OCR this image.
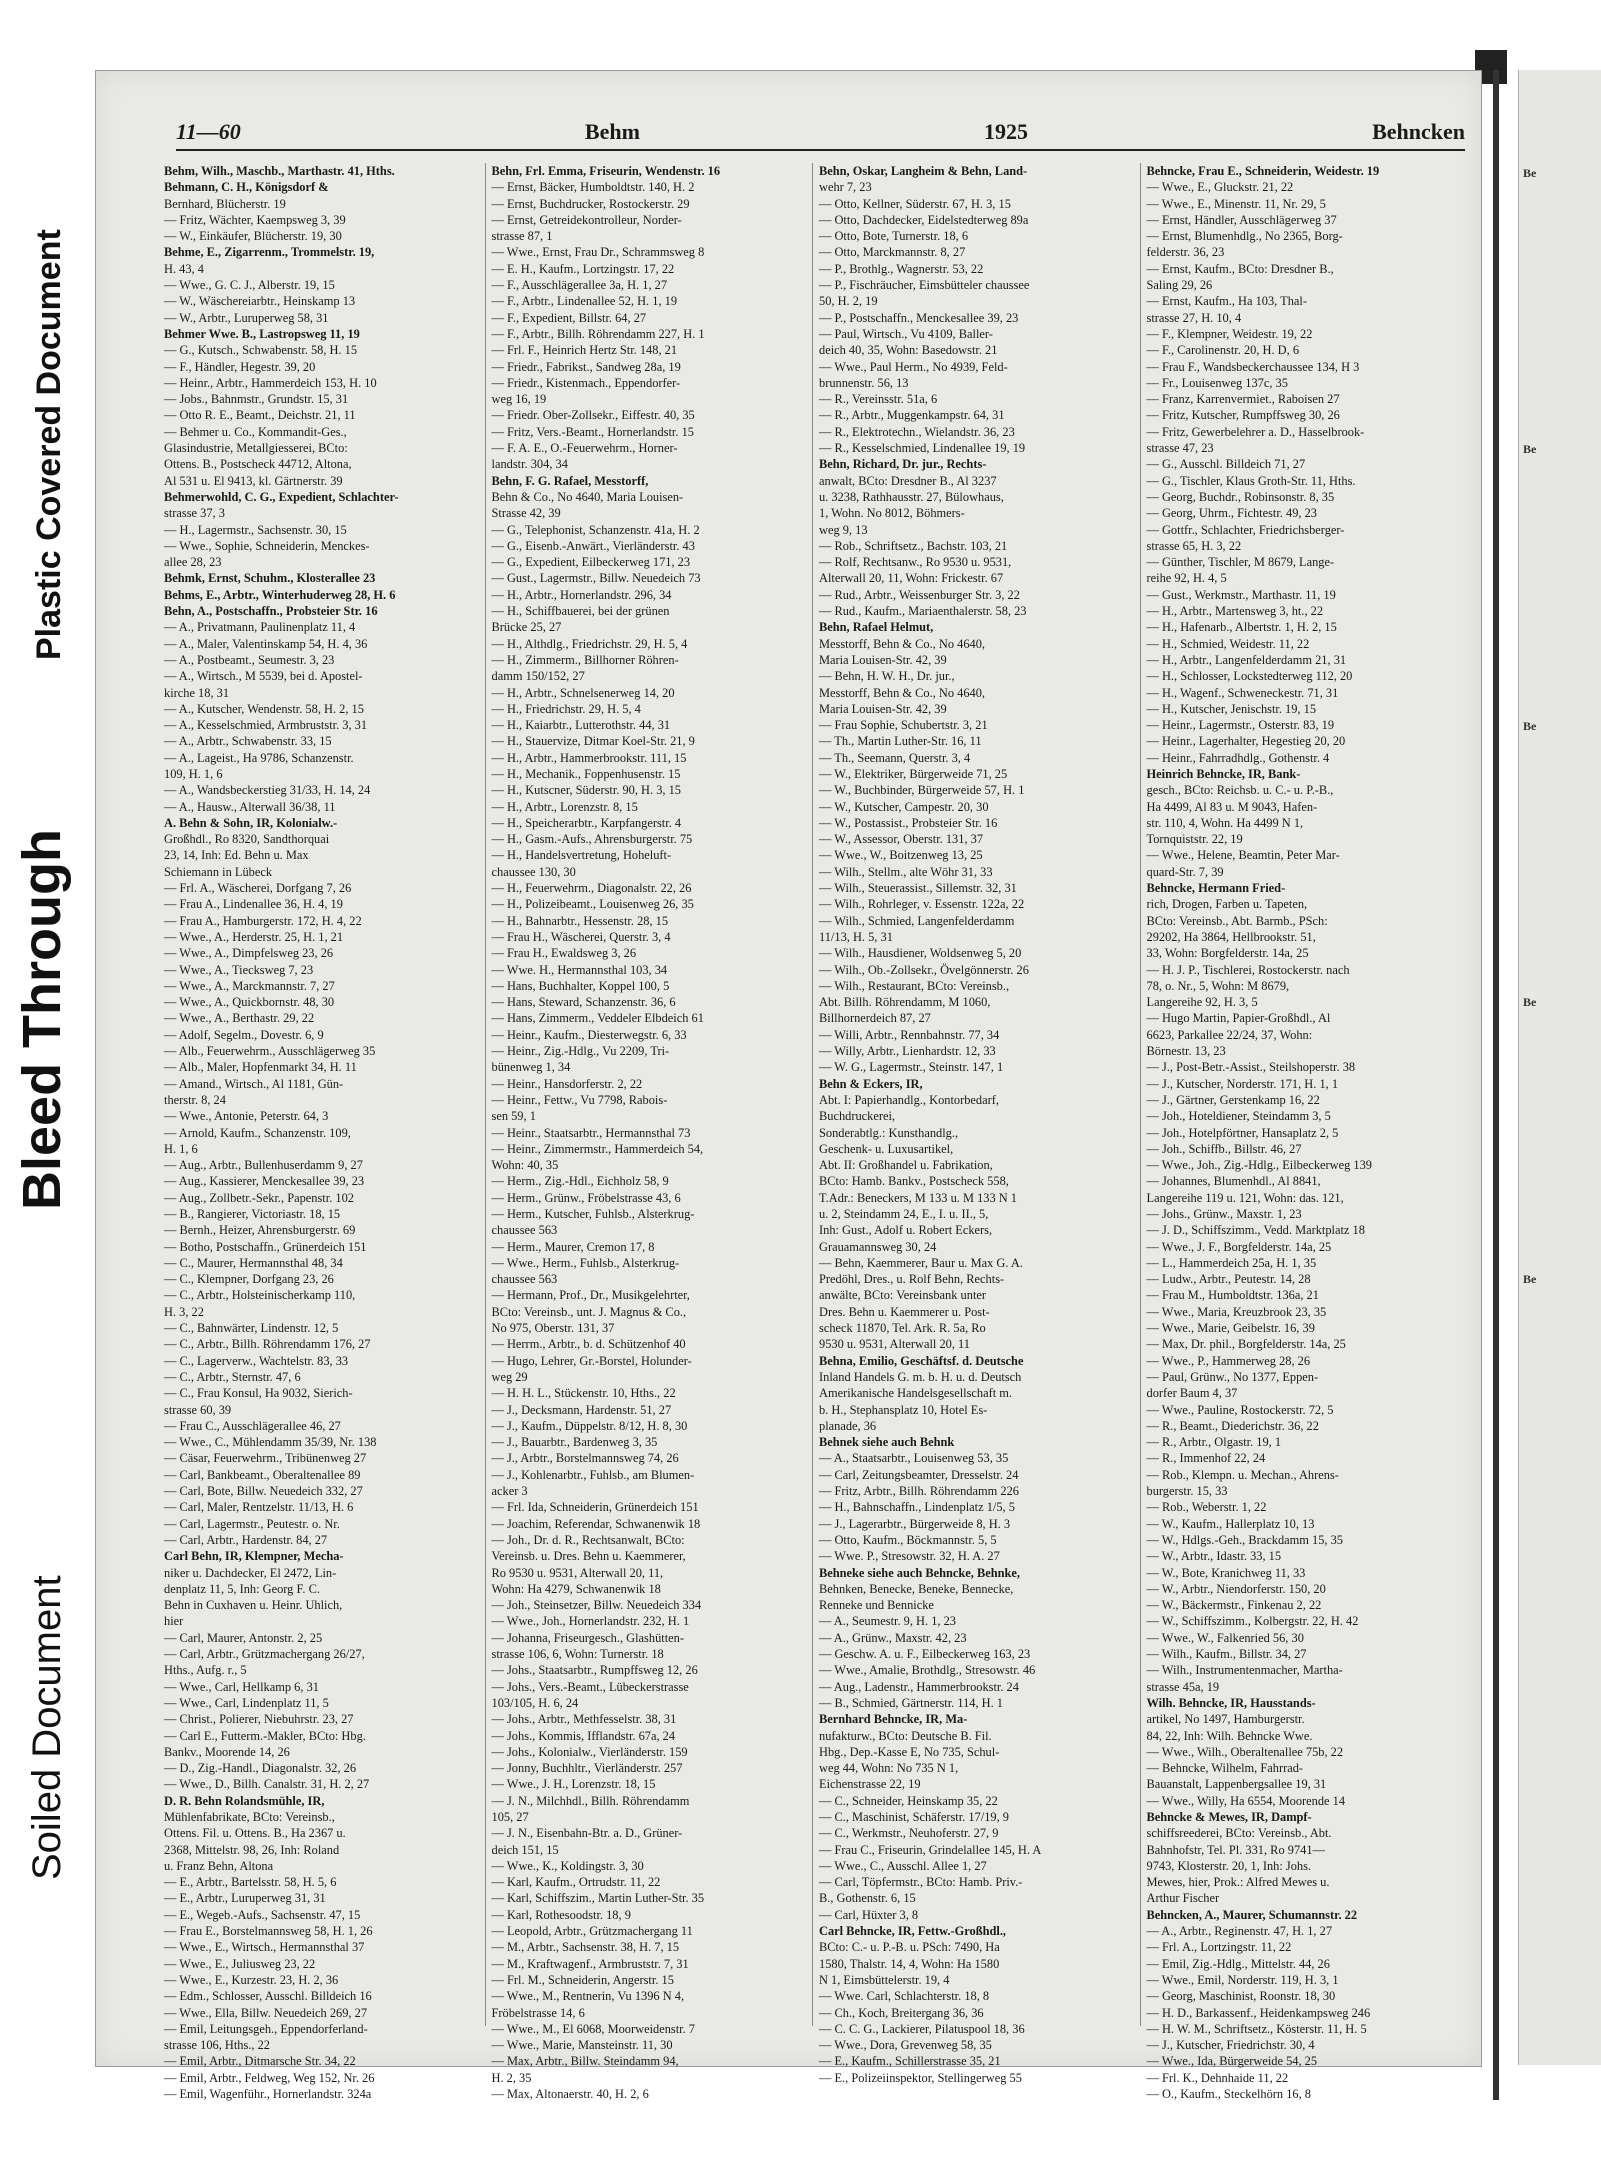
Soiled Document
Bleed Through
Plastic Covered Document
11—60	Behm	1925	Behncken
Behm, Wilh., Maschb., Marthastr. 41, Hths.
Behmann, C. H., Königsdorf &
Bernhard, Blücherstr. 19
— Fritz, Wächter, Kaempsweg 3, 39
— W., Einkäufer, Blücherstr. 19, 30
Behme, E., Zigarrenm., Trommelstr. 19,
H. 43, 4
— Wwe., G. C. J., Alberstr. 19, 15
— W., Wäschereiarbtr., Heinskamp 13
— W., Arbtr., Luruperweg 58, 31
Behmer Wwe. B., Lastropsweg 11, 19
— G., Kutsch., Schwabenstr. 58, H. 15
— F., Händler, Hegestr. 39, 20
— Heinr., Arbtr., Hammerdeich 153, H. 10
— Jobs., Bahnmstr., Grundstr. 15, 31
— Otto R. E., Beamt., Deichstr. 21, 11
— Behmer u. Co., Kommandit-Ges.,
Glasindustrie, Metallgiesserei, BCto:
Ottens. B., Postscheck 44712, Altona,
Al 531 u. El 9413, kl. Gärtnerstr. 39
Behmerwohld, C. G., Expedient, Schlachter-
strasse 37, 3
— H., Lagermstr., Sachsenstr. 30, 15
— Wwe., Sophie, Schneiderin, Menckes-
allee 28, 23
Behmk, Ernst, Schuhm., Klosterallee 23
Behms, E., Arbtr., Winterhuderweg 28, H. 6
Behn, A., Postschaffn., Probsteier Str. 16
— A., Privatmann, Paulinenplatz 11, 4
— A., Maler, Valentinskamp 54, H. 4, 36
— A., Postbeamt., Seumestr. 3, 23
— A., Wirtsch., M 5539, bei d. Apostel-
kirche 18, 31
— A., Kutscher, Wendenstr. 58, H. 2, 15
— A., Kesselschmied, Armbruststr. 3, 31
— A., Arbtr., Schwabenstr. 33, 15
— A., Lageist., Ha 9786, Schanzenstr.
109, H. 1, 6
— A., Wandsbeckerstieg 31/33, H. 14, 24
— A., Hausw., Alterwall 36/38, 11
A. Behn & Sohn, IR, Kolonialw.-
Großhdl., Ro 8320, Sandthorquai
23, 14, Inh: Ed. Behn u. Max
Schiemann in Lübeck
— Frl. A., Wäscherei, Dorfgang 7, 26
— Frau A., Lindenallee 36, H. 4, 19
— Frau A., Hamburgerstr. 172, H. 4, 22
— Wwe., A., Herderstr. 25, H. 1, 21
— Wwe., A., Dimpfelsweg 23, 26
— Wwe., A., Tieckswеg 7, 23
— Wwe., A., Marckmannstr. 7, 27
— Wwe., A., Quickbornstr. 48, 30
— Wwe., A., Berthastr. 29, 22
— Adolf, Segelm., Dovestr. 6, 9
— Alb., Feuerwehrm., Ausschlägerweg 35
— Alb., Maler, Hopfenmarkt 34, H. 11
— Amand., Wirtsch., Al 1181, Gün-
therstr. 8, 24
— Wwe., Antonie, Peterstr. 64, 3
— Arnold, Kaufm., Schanzenstr. 109,
H. 1, 6
— Aug., Arbtr., Bullenhuserdamm 9, 27
— Aug., Kassierer, Menckesallee 39, 23
— Aug., Zollbetr.-Sekr., Papenstr. 102
— B., Rangierer, Victoriastr. 18, 15
— Bernh., Heizer, Ahrensburgerstr. 69
— Botho, Postschaffn., Grünerdeich 151
— C., Maurer, Hermannsthal 48, 34
— C., Klempner, Dorfgang 23, 26
— C., Arbtr., Holsteinischerkamp 110,
H. 3, 22
— C., Bahnwärter, Lindenstr. 12, 5
— C., Arbtr., Billh. Röhrendamm 176, 27
— C., Lagerverw., Wachtelstr. 83, 33
— C., Arbtr., Sternstr. 47, 6
— C., Frau Konsul, Ha 9032, Sierich-
strasse 60, 39
— Frau C., Ausschlägerallee 46, 27
— Wwe., C., Mühlendamm 35/39, Nr. 138
— Cäsar, Feuerwehrm., Tribünenweg 27
— Carl, Bankbeamt., Oberaltenallee 89
— Carl, Bote, Billw. Neuedeich 332, 27
— Carl, Maler, Rentzelstr. 11/13, H. 6
— Carl, Lagermstr., Peutestr. o. Nr.
— Carl, Arbtr., Hardenstr. 84, 27
Carl Behn, IR, Klempner, Mecha-
niker u. Dachdecker, El 2472, Lin-
denplatz 11, 5, Inh: Georg F. C.
Behn in Cuxhaven u. Heinr. Uhlich,
hier
— Carl, Maurer, Antonstr. 2, 25
— Carl, Arbtr., Grützmachergang 26/27,
Hths., Aufg. r., 5
— Wwe., Carl, Hellkamp 6, 31
— Wwe., Carl, Lindenplatz 11, 5
— Christ., Polierer, Niebuhrstr. 23, 27
— Carl E., Futterm.-Makler, BCto: Hbg.
Bankv., Moorende 14, 26
— D., Zig.-Handl., Diagonalstr. 32, 26
— Wwe., D., Billh. Canalstr. 31, H. 2, 27
D. R. Behn Rolandsmühle, IR,
Mühlenfabrikate, BCto: Vereinsb.,
Ottens. Fil. u. Ottens. B., Ha 2367 u.
2368, Mittelstr. 98, 26, Inh: Roland
u. Franz Behn, Altona
— E., Arbtr., Bartelsstr. 58, H. 5, 6
— E., Arbtr., Luruperweg 31, 31
— E., Wegeb.-Aufs., Sachsenstr. 47, 15
— Frau E., Borstelmannsweg 58, H. 1, 26
— Wwe., E., Wirtsch., Hermannsthal 37
— Wwe., E., Juliusweg 23, 22
— Wwe., E., Kurzestr. 23, H. 2, 36
— Edm., Schlosser, Ausschl. Billdeich 16
— Wwe., Ella, Billw. Neuedeich 269, 27
— Emil, Leitungsgeh., Eppendorferland-
strasse 106, Hths., 22
— Emil, Arbtr., Ditmarsche Str. 34, 22
— Emil, Arbtr., Feldweg, Weg 152, Nr. 26
— Emil, Wagenführ., Hornerlandstr. 324a
Behn, Frl. Emma, Friseurin, Wendenstr. 16
— Ernst, Bäcker, Humboldtstr. 140, H. 2
— Ernst, Buchdrucker, Rostockerstr. 29
— Ernst, Getreidekontrolleur, Norder-
strasse 87, 1
— Wwe., Ernst, Frau Dr., Schrammsweg 8
— E. H., Kaufm., Lortzingstr. 17, 22
— F., Ausschlägerallee 3a, H. 1, 27
— F., Arbtr., Lindenallee 52, H. 1, 19
— F., Expedient, Billstr. 64, 27
— F., Arbtr., Billh. Röhrendamm 227, H. 1
— Frl. F., Heinrich Hertz Str. 148, 21
— Friedr., Fabrikst., Sandweg 28a, 19
— Friedr., Kistenmach., Eppendorfer-
weg 16, 19
— Friedr. Ober-Zollsekr., Eiffestr. 40, 35
— Fritz, Vers.-Beamt., Hornerlandstr. 15
— F. A. E., O.-Feuerwehrm., Horner-
landstr. 304, 34
Behn, F. G. Rafael, Messtorff,
Behn & Co., No 4640, Maria Louisen-
Strasse 42, 39
— G., Telephonist, Schanzenstr. 41a, H. 2
— G., Eisenb.-Anwärt., Vierländerstr. 43
— G., Expedient, Eilbeckerweg 171, 23
— Gust., Lagermstr., Billw. Neuedeich 73
— H., Arbtr., Hornerlandstr. 296, 34
— H., Schiffbauerei, bei der grünen
Brücke 25, 27
— H., Althdlg., Friedrichstr. 29, H. 5, 4
— H., Zimmerm., Billhorner Röhren-
damm 150/152, 27
— H., Arbtr., Schnelsenerweg 14, 20
— H., Friedrichstr. 29, H. 5, 4
— H., Kaiarbtr., Lutterothstr. 44, 31
— H., Stauervize, Ditmar Koel-Str. 21, 9
— H., Arbtr., Hammerbrookstr. 111, 15
— H., Mechanik., Foppenhusenstr. 15
— H., Kutscner, Süderstr. 90, H. 3, 15
— H., Arbtr., Lorenzstr. 8, 15
— H., Speicherarbtr., Karpfangerstr. 4
— H., Gasm.-Aufs., Ahrensburgerstr. 75
— H., Handelsvertretung, Hoheluft-
chaussee 130, 30
— H., Feuerwehrm., Diagonalstr. 22, 26
— H., Polizeibeamt., Louisenweg 26, 35
— H., Bahnarbtr., Hessenstr. 28, 15
— Frau H., Wäscherei, Querstr. 3, 4
— Frau H., Ewaldsweg 3, 26
— Wwe. H., Hermannsthal 103, 34
— Hans, Buchhalter, Koppel 100, 5
— Hans, Steward, Schanzenstr. 36, 6
— Hans, Zimmerm., Veddeler Elbdeich 61
— Heinr., Kaufm., Diesterwegstr. 6, 33
— Heinr., Zig.-Hdlg., Vu 2209, Tri-
bünenweg 1, 34
— Heinr., Hansdorferstr. 2, 22
— Heinr., Fettw., Vu 7798, Rabois-
sen 59, 1
— Heinr., Staatsarbtr., Hermannsthal 73
— Heinr., Zimmermstr., Hammerdeich 54,
Wohn: 40, 35
— Herm., Zig.-Hdl., Eichholz 58, 9
— Herm., Grünw., Fröbelstrasse 43, 6
— Herm., Kutscher, Fuhlsb., Alsterkrug-
chaussee 563
— Herm., Maurer, Cremon 17, 8
— Wwe., Herm., Fuhlsb., Alsterkrug-
chaussee 563
— Hermann, Prof., Dr., Musikgelehrter,
BCto: Vereinsb., unt. J. Magnus & Co.,
No 975, Oberstr. 131, 37
— Herrm., Arbtr., b. d. Schützenhof 40
— Hugo, Lehrer, Gr.-Borstel, Holunder-
weg 29
— H. H. L., Stückenstr. 10, Hths., 22
— J., Decksmann, Hardenstr. 51, 27
— J., Kaufm., Düppelstr. 8/12, H. 8, 30
— J., Bauarbtr., Bardenweg 3, 35
— J., Arbtr., Borstelmannsweg 74, 26
— J., Kohlenarbtr., Fuhlsb., am Blumen-
acker 3
— Frl. Ida, Schneiderin, Grünerdeich 151
— Joachim, Referendar, Schwanenwik 18
— Joh., Dr. d. R., Rechtsanwalt, BCto:
Vereinsb. u. Dres. Behn u. Kaemmerer,
Ro 9530 u. 9531, Alterwall 20, 11,
Wohn: Ha 4279, Schwanenwik 18
— Joh., Steinsetzer, Billw. Neuedeich 334
— Wwe., Joh., Hornerlandstr. 232, H. 1
— Johanna, Friseurgesch., Glashütten-
strasse 106, 6, Wohn: Turnerstr. 18
— Johs., Staatsarbtr., Rumpffsweg 12, 26
— Johs., Vers.-Beamt., Lübeckerstrasse
103/105, H. 6, 24
— Johs., Arbtr., Methfesselstr. 38, 31
— Johs., Kommis, Ifflandstr. 67a, 24
— Johs., Kolonialw., Vierländerstr. 159
— Jonny, Buchhltr., Vierländerstr. 257
— Wwe., J. H., Lorenzstr. 18, 15
— J. N., Milchhdl., Billh. Röhrendamm
105, 27
— J. N., Eisenbahn-Btr. a. D., Grüner-
deich 151, 15
— Wwe., K., Koldingstr. 3, 30
— Karl, Kaufm., Ortrudstr. 11, 22
— Karl, Schiffszim., Martin Luther-Str. 35
— Karl, Rothesoodstr. 18, 9
— Leopold, Arbtr., Grützmachergang 11
— M., Arbtr., Sachsenstr. 38, H. 7, 15
— M., Kraftwagenf., Armbruststr. 7, 31
— Frl. M., Schneiderin, Angerstr. 15
— Wwe., M., Rentnerin, Vu 1396 N 4,
Fröbelstrasse 14, 6
— Wwe., M., El 6068, Moorweidenstr. 7
— Wwe., Marie, Mansteinstr. 11, 30
— Max, Arbtr., Billw. Steindamm 94,
H. 2, 35
— Max, Altonaerstr. 40, H. 2, 6
Behn, Oskar, Langheim & Behn, Land-
wehr 7, 23
— Otto, Kellner, Süderstr. 67, H. 3, 15
— Otto, Dachdecker, Eidelstedterweg 89a
— Otto, Bote, Turnerstr. 18, 6
— Otto, Marckmannstr. 8, 27
— P., Brothlg., Wagnerstr. 53, 22
— P., Fischräucher, Eimsbütteler chaussee
50, H. 2, 19
— P., Postschaffn., Menckesallee 39, 23
— Paul, Wirtsch., Vu 4109, Baller-
deich 40, 35, Wohn: Basedowstr. 21
— Wwe., Paul Herm., No 4939, Feld-
brunnenstr. 56, 13
— R., Vereinsstr. 51a, 6
— R., Arbtr., Muggenkampstr. 64, 31
— R., Elektrotechn., Wielandstr. 36, 23
— R., Kesselschmied, Lindenallee 19, 19
Behn, Richard, Dr. jur., Rechts-
anwalt, BCto: Dresdner B., Al 3237
u. 3238, Rathhausstr. 27, Bülowhaus,
1, Wohn. No 8012, Böhmers-
weg 9, 13
— Rob., Schriftsetz., Bachstr. 103, 21
— Rolf, Rechtsanw., Ro 9530 u. 9531,
Alterwall 20, 11, Wohn: Frickestr. 67
— Rud., Arbtr., Weissenburger Str. 3, 22
— Rud., Kaufm., Mariaenthalerstr. 58, 23
Behn, Rafael Helmut,
Messtorff, Behn & Co., No 4640,
Maria Louisen-Str. 42, 39
— Behn, H. W. H., Dr. jur.,
Messtorff, Behn & Co., No 4640,
Maria Louisen-Str. 42, 39
— Frau Sophie, Schubertstr. 3, 21
— Th., Martin Luther-Str. 16, 11
— Th., Seemann, Querstr. 3, 4
— W., Elektriker, Bürgerweide 71, 25
— W., Buchbinder, Bürgerweide 57, H. 1
— W., Kutscher, Campestr. 20, 30
— W., Postassist., Probsteier Str. 16
— W., Assessor, Oberstr. 131, 37
— Wwe., W., Boitzenweg 13, 25
— Wilh., Stellm., alte Wöhr 31, 33
— Wilh., Steuerassist., Sillemstr. 32, 31
— Wilh., Rohrleger, v. Essenstr. 122a, 22
— Wilh., Schmied, Langenfelderdamm
11/13, H. 5, 31
— Wilh., Hausdiener, Woldsenweg 5, 20
— Wilh., Ob.-Zollsekr., Övelgönnerstr. 26
— Wilh., Restaurant, BCto: Vereinsb.,
Abt. Billh. Röhrendamm, M 1060,
Billhornerdeich 87, 27
— Willi, Arbtr., Rennbahnstr. 77, 34
— Willy, Arbtr., Lienhardstr. 12, 33
— W. G., Lagermstr., Steinstr. 147, 1
Behn & Eckers, IR,
Abt. I: Papierhandlg., Kontorbedarf,
Buchdruckerei,
Sonderabtlg.: Kunsthandlg.,
Geschenk- u. Luxusartikel,
Abt. II: Großhandel u. Fabrikation,
BCto: Hamb. Bankv., Postscheck 558,
T.Adr.: Beneckers, M 133 u. M 133 N 1
u. 2, Steindamm 24, E., I. u. II., 5,
Inh: Gust., Adolf u. Robert Eckers,
Grauamannsweg 30, 24
— Behn, Kaemmerer, Baur u. Max G. A.
Predöhl, Dres., u. Rolf Behn, Rechts-
anwälte, BCto: Vereinsbank unter
Dres. Behn u. Kaemmerer u. Post-
scheck 11870, Tel. Ark. R. 5a, Ro
9530 u. 9531, Alterwall 20, 11
Behna, Emilio, Geschäftsf. d. Deutsche
Inland Handels G. m. b. H. u. d. Deutsch
Amerikanische Handelsgesellschaft m.
b. H., Stephansplatz 10, Hotel Es-
planade, 36
Behnek siehe auch Behnk
— A., Staatsarbtr., Louisenweg 53, 35
— Carl, Zeitungsbeamter, Dresselstr. 24
— Fritz, Arbtr., Billh. Röhrendamm 226
— H., Bahnschaffn., Lindenplatz 1/5, 5
— J., Lagerarbtr., Bürgerweide 8, H. 3
— Otto, Kaufm., Böckmannstr. 5, 5
— Wwe. P., Stresowstr. 32, H. A. 27
Behneke siehe auch Behncke, Behnke,
Behnken, Benecke, Beneke, Bennecke,
Renneke und Bennicke
— A., Seumestr. 9, H. 1, 23
— A., Grünw., Maxstr. 42, 23
— Geschw. A. u. F., Eilbeckerweg 163, 23
— Wwe., Amalie, Brothdlg., Stresowstr. 46
— Aug., Ladenstr., Hammerbrookstr. 24
— B., Schmied, Gärtnerstr. 114, H. 1
Bernhard Behncke, IR, Ma-
nufakturw., BCto: Deutsche B. Fil.
Hbg., Dep.-Kasse E, No 735, Schul-
weg 44, Wohn: No 735 N 1,
Eichenstrasse 22, 19
— C., Schneider, Heinskamp 35, 22
— C., Maschinist, Schäferstr. 17/19, 9
— C., Werkmstr., Neuhoferstr. 27, 9
— Frau C., Friseurin, Grindelallee 145, H. A
— Wwe., C., Ausschl. Allee 1, 27
— Carl, Töpfermstr., BCto: Hamb. Priv.-
B., Gothenstr. 6, 15
— Carl, Hüxter 3, 8
Carl Behncke, IR, Fettw.-Großhdl.,
BCto: C.- u. P.-B. u. PSch: 7490, Ha
1580, Thalstr. 14, 4, Wohn: Ha 1580
N 1, Eimsbüttelerstr. 19, 4
— Wwe. Carl, Schlachterstr. 18, 8
— Ch., Koch, Breitergang 36, 36
— C. C. G., Lackierer, Pilatuspool 18, 36
— Wwe., Dora, Grevenweg 58, 35
— E., Kaufm., Schillerstrasse 35, 21
— E., Polizeiinspektor, Stellingerweg 55
Behncke, Frau E., Schneiderin, Weidestr. 19
— Wwe., E., Gluckstr. 21, 22
— Wwe., E., Minenstr. 11, Nr. 29, 5
— Ernst, Händler, Ausschlägerweg 37
— Ernst, Blumenhdlg., No 2365, Borg-
felderstr. 36, 23
— Ernst, Kaufm., BCto: Dresdner B.,
Saling 29, 26
— Ernst, Kaufm., Ha 103, Thal-
strasse 27, H. 10, 4
— F., Klempner, Weidestr. 19, 22
— F., Carolinenstr. 20, H. D, 6
— Frau F., Wandsbeckerchaussee 134, H 3
— Fr., Louisenweg 137c, 35
— Franz, Karrenvermiet., Raboisen 27
— Fritz, Kutscher, Rumpffsweg 30, 26
— Fritz, Gewerbelehrer a. D., Hasselbrook-
strasse 47, 23
— G., Ausschl. Billdeich 71, 27
— G., Tischler, Klaus Groth-Str. 11, Hths.
— Georg, Buchdr., Robinsonstr. 8, 35
— Georg, Uhrm., Fichtestr. 49, 23
— Gottfr., Schlachter, Friedrichsberger-
strasse 65, H. 3, 22
— Günther, Tischler, M 8679, Lange-
reihe 92, H. 4, 5
— Gust., Werkmstr., Marthastr. 11, 19
— H., Arbtr., Martensweg 3, ht., 22
— H., Hafenarb., Albertstr. 1, H. 2, 15
— H., Schmied, Weidestr. 11, 22
— H., Arbtr., Langenfelderdamm 21, 31
— H., Schlosser, Lockstedterweg 112, 20
— H., Wagenf., Schweneckestr. 71, 31
— H., Kutscher, Jenischstr. 19, 15
— Heinr., Lagermstr., Osterstr. 83, 19
— Heinr., Lagerhalter, Hegestieg 20, 20
— Heinr., Fahrradhdlg., Gothenstr. 4
Heinrich Behncke, IR, Bank-
gesch., BCto: Reichsb. u. C.- u. P.-B.,
Ha 4499, Al 83 u. M 9043, Hafen-
str. 110, 4, Wohn. Ha 4499 N 1,
Tornquiststr. 22, 19
— Wwe., Helene, Beamtin, Peter Mar-
quard-Str. 7, 39
Behncke, Hermann Fried-
rich, Drogen, Farben u. Tapeten,
BCto: Vereinsb., Abt. Barmb., PSch:
29202, Ha 3864, Hellbrookstr. 51,
33, Wohn: Borgfelderstr. 14a, 25
— H. J. P., Tischlerei, Rostockerstr. nach
78, o. Nr., 5, Wohn: M 8679,
Langereihe 92, H. 3, 5
— Hugo Martin, Papier-Großhdl., Al
6623, Parkallee 22/24, 37, Wohn:
Börnestr. 13, 23
— J., Post-Betr.-Assist., Steilshoperstr. 38
— J., Kutscher, Norderstr. 171, H. 1, 1
— J., Gärtner, Gerstenkamp 16, 22
— Joh., Hoteldiener, Steindamm 3, 5
— Joh., Hotelpförtner, Hansaplatz 2, 5
— Joh., Schiffb., Billstr. 46, 27
— Wwe., Joh., Zig.-Hdlg., Eilbeckerweg 139
— Johannes, Blumenhdl., Al 8841,
Langereihe 119 u. 121, Wohn: das. 121,
— Johs., Grünw., Maxstr. 1, 23
— J. D., Schiffszimm., Vedd. Marktplatz 18
— Wwe., J. F., Borgfelderstr. 14a, 25
— L., Hammerdeich 25a, H. 1, 35
— Ludw., Arbtr., Peutestr. 14, 28
— Frau M., Humboldtstr. 136a, 21
— Wwe., Maria, Kreuzbrook 23, 35
— Wwe., Marie, Geibelstr. 16, 39
— Max, Dr. phil., Borgfelderstr. 14a, 25
— Wwe., P., Hammerweg 28, 26
— Paul, Grünw., No 1377, Eppen-
dorfer Baum 4, 37
— Wwe., Pauline, Rostockerstr. 72, 5
— R., Beamt., Diederichstr. 36, 22
— R., Arbtr., Olgastr. 19, 1
— R., Immenhof 22, 24
— Rob., Klempn. u. Mechan., Ahrens-
burgerstr. 15, 33
— Rob., Weberstr. 1, 22
— W., Kaufm., Hallerplatz 10, 13
— W., Hdlgs.-Geh., Brackdamm 15, 35
— W., Arbtr., Idastr. 33, 15
— W., Bote, Kranichweg 11, 33
— W., Arbtr., Niendorferstr. 150, 20
— W., Bäckermstr., Finkenau 2, 22
— W., Schiffszimm., Kolbergstr. 22, H. 42
— Wwe., W., Falkenried 56, 30
— Wilh., Kaufm., Billstr. 34, 27
— Wilh., Instrumentenmacher, Martha-
strasse 45a, 19
Wilh. Behncke, IR, Hausstands-
artikel, No 1497, Hamburgerstr.
84, 22, Inh: Wilh. Behncke Wwe.
— Wwe., Wilh., Oberaltenallee 75b, 22
— Behncke, Wilhelm, Fahrrad-
Bauanstalt, Lappenbergsallee 19, 31
— Wwe., Willy, Ha 6554, Moorende 14
Behncke & Mewes, IR, Dampf-
schiffsreederei, BCto: Vereinsb., Abt.
Bahnhofstr, Tel. Pl. 331, Ro 9741—
9743, Klosterstr. 20, 1, Inh: Johs.
Mewes, hier, Prok.: Alfred Mewes u.
Arthur Fischer
Behncken, A., Maurer, Schumannstr. 22
— A., Arbtr., Reginenstr. 47, H. 1, 27
— Frl. A., Lortzingstr. 11, 22
— Emil, Zig.-Hdlg., Mittelstr. 44, 26
— Wwe., Emil, Norderstr. 119, H. 3, 1
— Georg, Maschinist, Roonstr. 18, 30
— H. D., Barkassenf., Heidenkampsweg 246
— H. W. M., Schriftsetz., Kösterstr. 11, H. 5
— J., Kutscher, Friedrichstr. 30, 4
— Wwe., Ida, Bürgerweide 54, 25
— Frl. K., Dehnhaide 11, 22
— O., Kaufm., Steckelhörn 16, 8
Be
Be
Be
Be
Be
